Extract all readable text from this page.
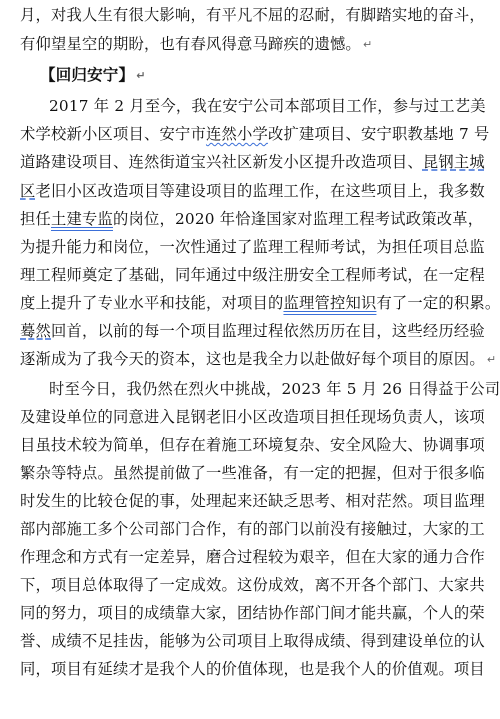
月，对我人生有很大影响，有平凡不屈的忍耐，有脚踏实地的奋斗，
有仰望星空的期盼，也有春风得意马蹄疾的遗憾。 ↵
【回归安宁】 ↵
2017 年 2 月至今，我在安宁公司本部项目工作，参与过工艺美
术学校新小区项目、安宁市连然小学改扩建项目、安宁职教基地 7 号
道路建设项目、连然街道宝兴社区新发小区提升改造项目、昆钢主城
区老旧小区改造项目等建设项目的监理工作，在这些项目上，我多数
担任土建专监的岗位，2020 年恰逢国家对监理工程考试政策改革，
为提升能力和岗位，一次性通过了监理工程师考试，为担任项目总监
理工程师奠定了基础，同年通过中级注册安全工程师考试，在一定程
度上提升了专业水平和技能，对项目的监理管控知识有了一定的积累。
蓦然回首，以前的每一个项目监理过程依然历历在目，这些经历经验
逐渐成为了我今天的资本，这也是我全力以赴做好每个项目的原因。 ↵
时至今日，我仍然在烈火中挑战，2023 年 5 月 26 日得益于公司
及建设单位的同意进入昆钢老旧小区改造项目担任现场负责人，该项
目虽技术较为简单，但存在着施工环境复杂、安全风险大、协调事项
繁杂等特点。虽然提前做了一些准备，有一定的把握，但对于很多临
时发生的比较仓促的事，处理起来还缺乏思考、相对茫然。项目监理
部内部施工多个公司部门合作，有的部门以前没有接触过，大家的工
作理念和方式有一定差异，磨合过程较为艰辛，但在大家的通力合作
下，项目总体取得了一定成效。这份成效，离不开各个部门、大家共
同的努力，项目的成绩靠大家，团结协作部门间才能共赢，个人的荣
誉、成绩不足挂齿，能够为公司项目上取得成绩、得到建设单位的认
同，项目有延续才是我个人的价值体现，也是我个人的价值观。项目
